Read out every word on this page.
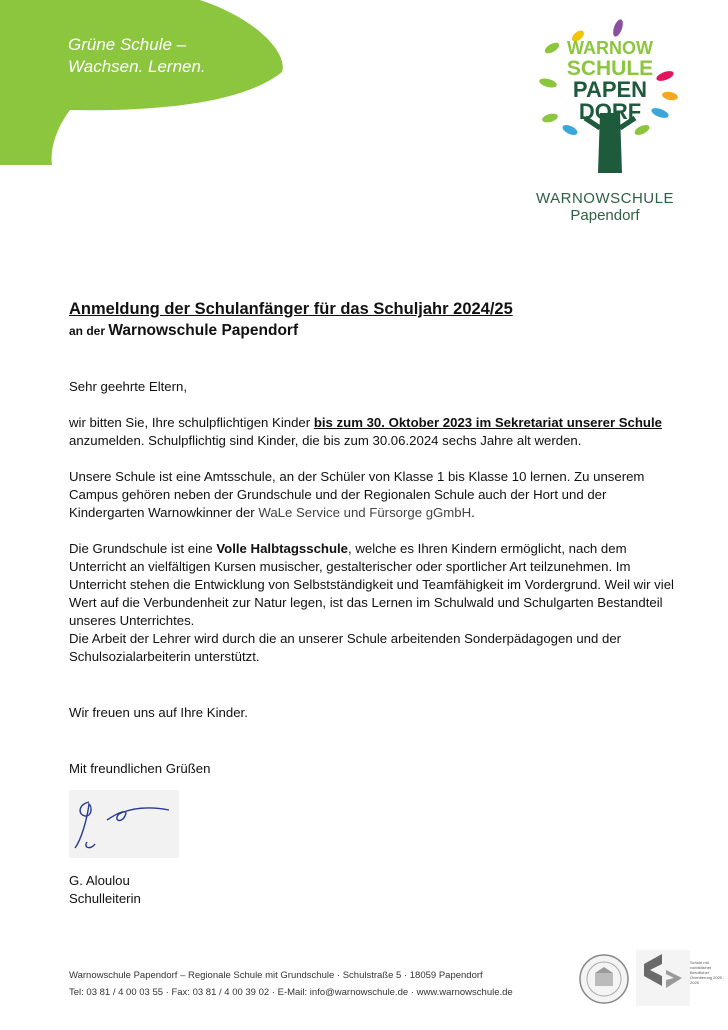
Grüne Schule –
Wachsen. Lernen.
WARNOW
SCHULE
PAPEN
DORF
WARNOWSCHULE
Papendorf
Anmeldung der Schulanfänger für das Schuljahr 2024/25

an der Warnowschule Papendorf

Sehr geehrte Eltern,

wir bitten Sie, Ihre schulpflichtigen Kinder bis zum 30. Oktober 2023 im Sekretariat unserer Schule anzumelden. Schulpflichtig sind Kinder, die bis zum 30.06.2024 sechs Jahre alt werden.

Unsere Schule ist eine Amtsschule, an der Schüler von Klasse 1 bis Klasse 10 lernen. Zu unserem Campus gehören neben der Grundschule und der Regionalen Schule auch der Hort und der Kindergarten Warnowkinner der WaLe Service und Fürsorge gGmbH.

Die Grundschule ist eine Volle Halbtagsschule, welche es Ihren Kindern ermöglicht, nach dem Unterricht an vielfältigen Kursen musischer, gestalterischer oder sportlicher Art teilzunehmen. Im Unterricht stehen die Entwicklung von Selbstständigkeit und Teamfähigkeit im Vordergrund. Weil wir viel Wert auf die Verbundenheit zur Natur legen, ist das Lernen im Schulwald und Schulgarten Bestandteil unseres Unterrichtes.

Die Arbeit der Lehrer wird durch die an unserer Schule arbeitenden Sonderpädagogen und der Schulsozialarbeiterin unterstützt.

Wir freuen uns auf Ihre Kinder.

Mit freundlichen Grüßen

G. Aloulou

Schulleiterin

Warnowschule Papendorf – Regionale Schule mit Grundschule · Schulstraße 5 · 18059 Papendorf
Tel: 03 81 / 4 00 03 55 · Fax: 03 81 / 4 00 39 02 · E-Mail: info@warnowschule.de · www.warnowschule.de
Schule mit vorbildlicher Beruflicher Orientierung 2020 - 2025
